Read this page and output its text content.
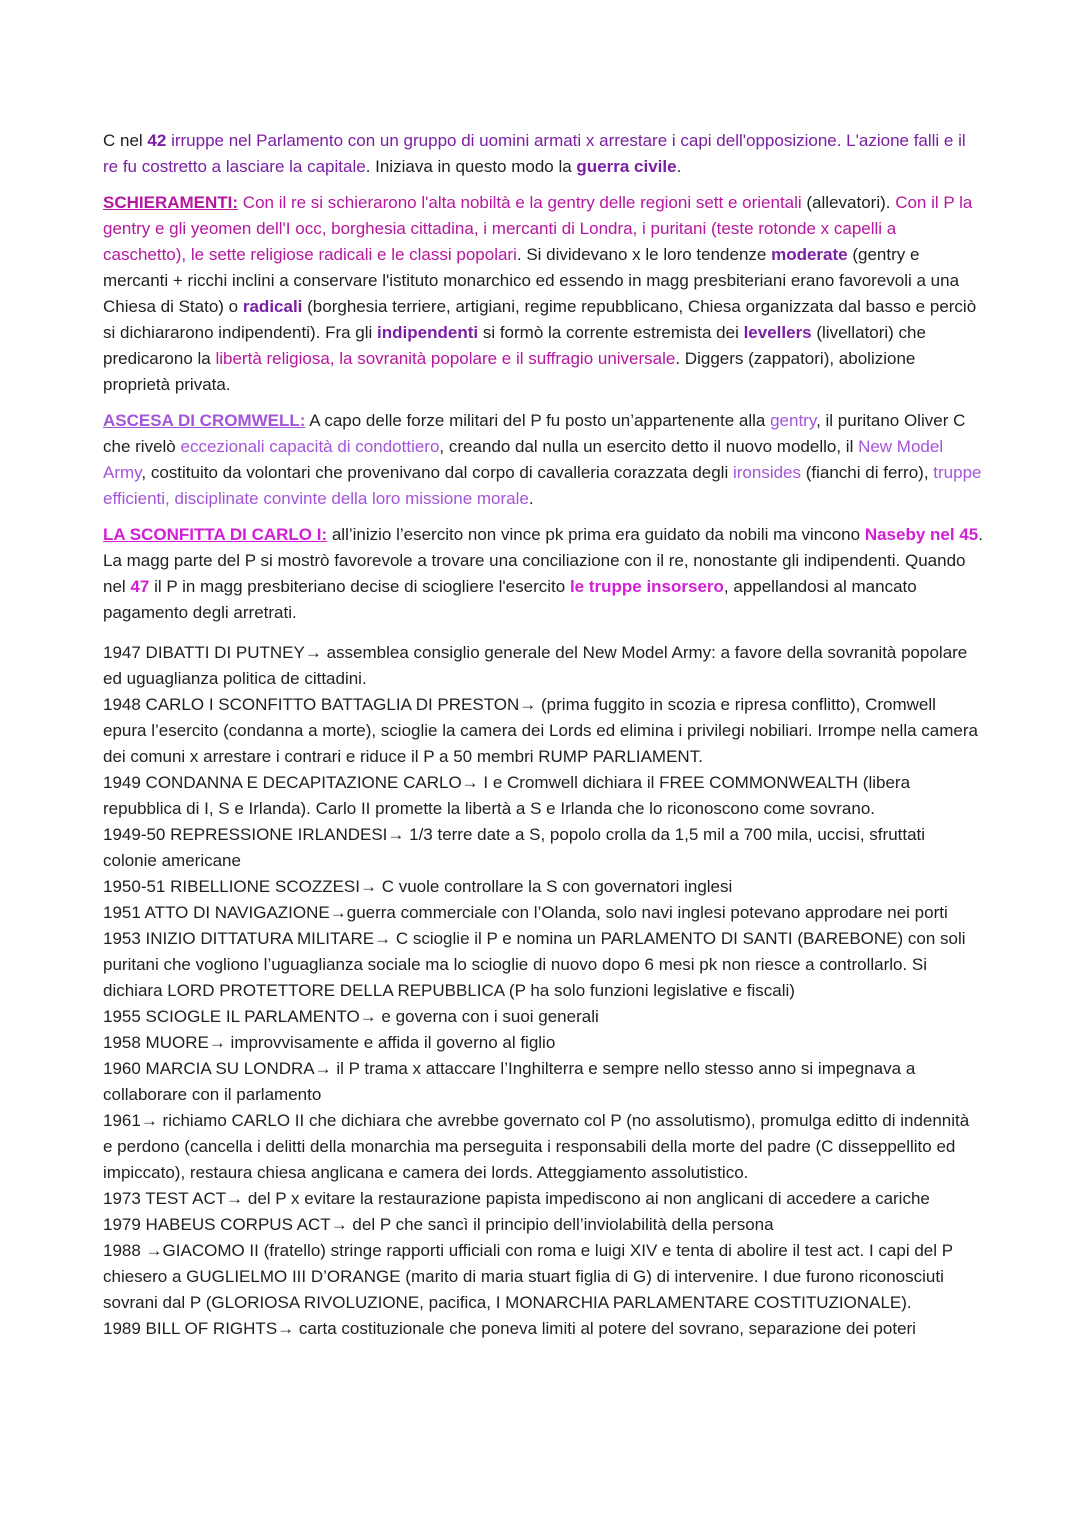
C nel 42 irruppe nel Parlamento con un gruppo di uomini armati x arrestare i capi dell'opposizione. L'azione falli e il re fu costretto a lasciare la capitale. Iniziava in questo modo la guerra civile.

SCHIERAMENTI: Con il re si schierarono l'alta nobiltà e la gentry delle regioni sett e orientali (allevatori). Con il P la gentry e gli yeomen dell'I occ, borghesia cittadina, i mercanti di Londra, i puritani (teste rotonde x capelli a caschetto), le sette religiose radicali e le classi popolari. Si dividevano x le loro tendenze moderate (gentry e mercanti + ricchi inclini a conservare l'istituto monarchico ed essendo in magg presbiteriani erano favorevoli a una Chiesa di Stato) o radicali (borghesia terriere, artigiani, regime repubblicano, Chiesa organizzata dal basso e perciò si dichiararono indipendenti). Fra gli indipendenti si formò la corrente estremista dei levellers (livellatori) che predicarono la libertà religiosa, la sovranità popolare e il suffragio universale. Diggers (zappatori), abolizione proprietà privata.

ASCESA DI CROMWELL: A capo delle forze militari del P fu posto un’appartenente alla gentry, il puritano Oliver C che rivelò eccezionali capacità di condottiero, creando dal nulla un esercito detto il nuovo modello, il New Model Army, costituito da volontari che provenivano dal corpo di cavalleria corazzata degli ironsides (fianchi di ferro), truppe efficienti, disciplinate convinte della loro missione morale.

LA SCONFITTA DI CARLO I: all’inizio l’esercito non vince pk prima era guidato da nobili ma vincono Naseby nel 45. La magg parte del P si mostrò favorevole a trovare una conciliazione con il re, nonostante gli indipendenti. Quando nel 47 il P in magg presbiteriano decise di sciogliere l'esercito le truppe insorsero, appellandosi al mancato pagamento degli arretrati.

1947 DIBATTI DI PUTNEY→ assemblea consiglio generale del New Model Army: a favore della sovranità popolare ed uguaglianza politica de cittadini.

1948 CARLO I SCONFITTO BATTAGLIA DI PRESTON→ (prima fuggito in scozia e ripresa conflitto), Cromwell epura l’esercito (condanna a morte), scioglie la camera dei Lords ed elimina i privilegi nobiliari. Irrompe nella camera dei comuni x arrestare i contrari e riduce il P a 50 membri RUMP PARLIAMENT.

1949 CONDANNA E DECAPITAZIONE CARLO→ I e Cromwell dichiara il FREE COMMONWEALTH (libera repubblica di I, S e Irlanda). Carlo II promette la libertà a S e Irlanda che lo riconoscono come sovrano.

1949-50 REPRESSIONE IRLANDESI→ 1/3 terre date a S, popolo crolla da 1,5 mil a 700 mila, uccisi, sfruttati colonie americane

1950-51 RIBELLIONE SCOZZESI→ C vuole controllare la S con governatori inglesi

1951 ATTO DI NAVIGAZIONE→guerra commerciale con l’Olanda, solo navi inglesi potevano approdare nei porti

1953 INIZIO DITTATURA MILITARE→ C scioglie il P e nomina un PARLAMENTO DI SANTI (BAREBONE) con soli puritani che vogliono l’uguaglianza sociale ma lo scioglie di nuovo dopo 6 mesi pk non riesce a controllarlo. Si dichiara LORD PROTETTORE DELLA REPUBBLICA (P ha solo funzioni legislative e fiscali)

1955 SCIOGLE IL PARLAMENTO→ e governa con i suoi generali

1958 MUORE→ improvvisamente e affida il governo al figlio

1960 MARCIA SU LONDRA→ il P trama x attaccare l’Inghilterra e sempre nello stesso anno si impegnava a collaborare con il parlamento

1961→ richiamo CARLO II che dichiara che avrebbe governato col P (no assolutismo), promulga editto di indennità e perdono (cancella i delitti della monarchia ma perseguita i responsabili della morte del padre (C disseppellito ed impiccato), restaura chiesa anglicana e camera dei lords. Atteggiamento assolutistico.

1973 TEST ACT→ del P x evitare la restaurazione papista impediscono ai non anglicani di accedere a cariche

1979 HABEUS CORPUS ACT→ del P che sancì il principio dell’inviolabilità della persona

1988 →GIACOMO II (fratello) stringe rapporti ufficiali con roma e luigi XIV e tenta di abolire il test act. I capi del P chiesero a GUGLIELMO III D’ORANGE (marito di maria stuart figlia di G) di intervenire. I due furono riconosciuti sovrani dal P (GLORIOSA RIVOLUZIONE, pacifica, I MONARCHIA PARLAMENTARE COSTITUZIONALE).

1989 BILL OF RIGHTS→ carta costituzionale che poneva limiti al potere del sovrano, separazione dei poteri
